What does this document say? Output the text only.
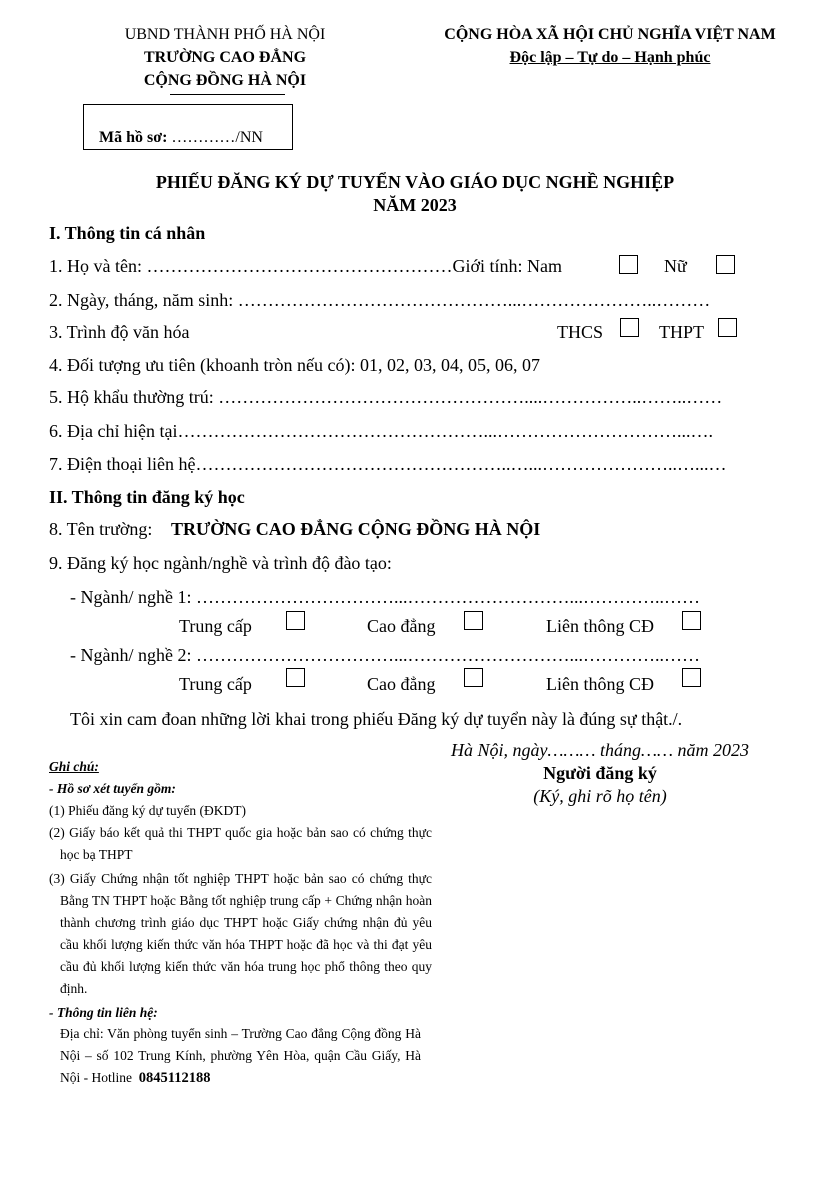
UBND THÀNH PHỐ HÀ NỘI
TRƯỜNG CAO ĐẲNG
CỘNG ĐỒNG HÀ NỘI
CỘNG HÒA XÃ HỘI CHỦ NGHĨA VIỆT NAM
Độc lập – Tự do – Hạnh phúc
Mã hồ sơ: …………/NN
PHIẾU ĐĂNG KÝ DỰ TUYỂN VÀO GIÁO DỤC NGHỀ NGHIỆP
NĂM 2023
I. Thông tin cá nhân
1. Họ và tên: ……………………………………………Giới tính: Nam	Nữ
2. Ngày, tháng, năm sinh: ………………………………………...…………………..………
3. Trình độ văn hóa	THCS	THPT
4. Đối tượng ưu tiên (khoanh tròn nếu có): 01, 02, 03, 04, 05, 06, 07
5. Hộ khẩu thường trú: ……………………………………………....……………..……..……
6. Địa chỉ hiện tại……………………………………………...…………………………...….
7. Điện thoại liên hệ……………………………………………..…...…………………..…...…
II. Thông tin đăng ký học
8. Tên trường: TRƯỜNG CAO ĐẲNG CỘNG ĐỒNG HÀ NỘI
9. Đăng ký học ngành/nghề và trình độ đào tạo:
- Ngành/ nghề 1: ……………………………...………………………...…………..……
Trung cấp	Cao đẳng	Liên thông CĐ
- Ngành/ nghề 2: ……………………………...………………………...…………..……
Trung cấp	Cao đẳng	Liên thông CĐ
Tôi xin cam đoan những lời khai trong phiếu Đăng ký dự tuyển này là đúng sự thật./.
Hà Nội, ngày……… tháng…… năm 2023
Người đăng ký
(Ký, ghi rõ họ tên)
Ghi chú:
- Hồ sơ xét tuyển gồm:
(1) Phiếu đăng ký dự tuyển (ĐKDT)
(2) Giấy báo kết quả thi THPT quốc gia hoặc bản sao có chứng thực học bạ THPT
(3) Giấy Chứng nhận tốt nghiệp THPT hoặc bản sao có chứng thực Bằng TN THPT hoặc Bằng tốt nghiệp trung cấp + Chứng nhận hoàn thành chương trình giáo dục THPT hoặc Giấy chứng nhận đủ yêu cầu khối lượng kiến thức văn hóa THPT hoặc đã học và thi đạt yêu cầu đủ khối lượng kiến thức văn hóa trung học phổ thông theo quy định.
- Thông tin liên hệ:
Địa chỉ: Văn phòng tuyển sinh – Trường Cao đẳng Cộng đồng Hà Nội – số 102 Trung Kính, phường Yên Hòa, quận Cầu Giấy, Hà Nội - Hotline 0845112188
